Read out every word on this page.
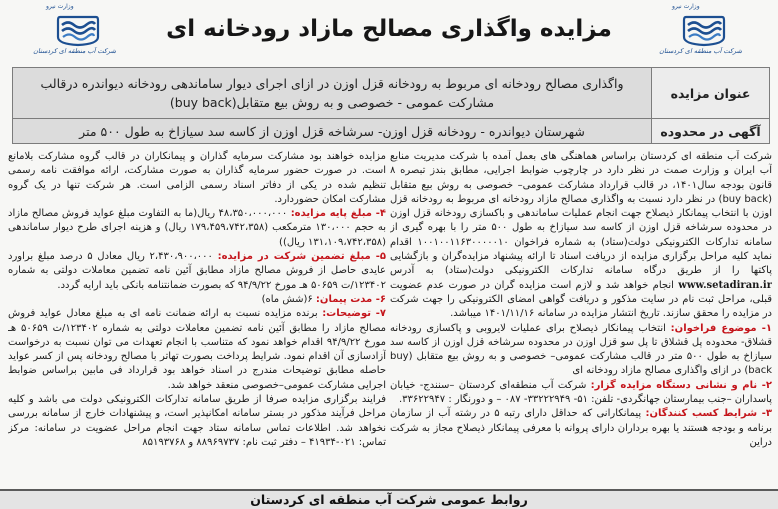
وزارت نیرو
شرکت آب منطقه ای کردستان
مزایده واگذاری مصالح مازاد رودخانه ای
وزارت نیرو
شرکت آب منطقه ای کردستان
عنوان مزایده
واگذاری مصالح رودخانه ای مربوط به رودخانه قزل اوزن در ازای اجرای دیوار ساماندهی رودخانه دیواندره درقالب مشارکت عمومی - خصوصی و به روش بیع متقابل(buy back)
آگهی در محدوده
شهرستان دیواندره - رودخانه قزل اوزن- سرشاخه قزل اوزن از کاسه سد سیازاخ به طول ۵۰۰ متر

شرکت آب منطقه ای کردستان براساس هماهنگی های بعمل آمده با شرکت مدیریت منابع آب ایران و وزارت صمت در نظر دارد در چارچوب ضوابط اجرایی، مطابق بندز تبصره ۸ قانون بودجه سال۱۴۰۱، در قالب قرارداد مشارکت عمومی– خصوصی به روش بیع متقابل (buy back) در نظر دارد نسبت به واگذاری مصالح مازاد رودخانه ای مربوط به رودخانه قزل اوزن با انتخاب پیمانکار ذیصلاح جهت انجام عملیات ساماندهی و باکسازی رودخانه قزل اوزن در محدوده سرشاخه قزل اوزن از کاسه سد سیازاخ به طول ۵۰۰ متر را با بهره گیری از سامانه تدارکات الکترونیکی دولت(ستاد) به شماره فراخوان ۱۰۰۱۰۰۱۱۶۳۰۰۰۰۰۱۰ اقدام نماید کلیه مراحل برگزاری مزایده از دریافت اسناد تا ارائه پیشنهاد مزایده‌گران و بازگشایی پاکتها را از طریق درگاه سامانه تدارکات الکترونیکی دولت(ستاد) به آدرس www.setadiran.ir انجام خواهد شد و لازم است مزایده گران در صورت عدم عضویت قبلی، مراحل ثبت نام در سایت مذکور و دریافت گواهی امضای الکترونیکی را جهت شرکت در مزایده را محقق سازند. تاریخ انتشار مزایده در سامانه ۱۴۰۱/۱۱/۱۶ میباشد.

۱- موضوع فراخوان: انتخاب پیمانکار ذیصلاح برای عملیات لایروبی و پاکسازی رودخانه قشلاق- محدوده پل قشلاق تا پل سو قزل اوزن در محدوده سرشاخه قزل اوزن از کاسه سد سیازاخ به طول ۵۰۰ متر در قالب مشارکت عمومی– خصوصی و به روش بیع متقابل (buy back) در ازای واگذاری مصالح مازاد رودخانه ای

۲- نام و نشانی دستگاه مزایده گزار: شرکت آب منطقه‌ای کردستان –سنندج- خیابان پاسداران –جنب بیمارستان جهانگردی- تلفن: ۵۱- ۳۳۲۲۲۹۴۹- ۰۸۷ – و دورنگار : ۳۳۶۲۲۹۴۷.

۳- شرایط کسب کنندگان: پیمانکارانی که حداقل دارای رتبه ۵ در رشته آب از سازمان برنامه و بودجه هستند یا بهره برداران دارای پروانه با معرفی پیمانکار ذیصلاح مجاز به شرکت دراین

مزایده خواهند بود مشارکت سرمایه گذاران و پیمانکاران در قالب گروه مشارکت بلامانع است. در صورت حضور سرمایه گذاران به صورت مشارکت، ارائه موافقت نامه رسمی تنظیم شده در یکی از دفاتر اسناد رسمی الزامی است. هر شرکت تنها در یک گروه مشارکت امکان حضوردارد.

۴- مبلغ پایه مزایده: ۴۸،۳۵۰،۰۰۰،۰۰۰ ریال(ما به التفاوت مبلغ عواید فروش مصالح مازاد به حجم ۱۳۰،۰۰۰ مترمکعب (۱۷۹،۴۵۹،۷۴۲،۳۵۸ ریال) و هزینه اجرای طرح دیوار ساماندهی (۱۳۱،۱۰۹،۷۴۲،۳۵۸ ریال))

۵- مبلغ تضمین شرکت در مزایده: ۲،۴۳۰،۹۰۰،۰۰۰ ریال معادل ۵ درصد مبلغ براورد عایدی حاصل از فروش مصالح مازاد مطابق آئین نامه تضمین معاملات دولتی به شماره ۱۲۳۴۰۲/ت ۵۰۶۵۹ هـ مورخ ۹۴/۹/۲۲ که بصورت ضمانتنامه بانکی باید ارایه گردد.

۶- مدت پیمان: ۶(شش ماه)

۷- توضیحات: برنده مزایده نسبت به ارائه ضمانت نامه ای به مبلغ معادل عواید فروش مصالح مازاد را مطابق آئین نامه تضمین معاملات دولتی به شماره ۱۲۳۴۰۲/ت ۵۰۶۵۹ هـ مورخ ۹۴/۹/۲۲ اقدام خواهد نمود که متناسب با انجام تعهدات می توان نسبت به درخواست آزادسازی آن اقدام نمود. شرایط پرداخت بصورت تهاتر با مصالح رودخانه پس از کسر عواید حاصله مطابق توضیحات مندرج در اسناد خواهد بود قرارداد فی مابین براساس ضوابط اجرایی مشارکت عمومی–خصوصی منعقد خواهد شد.

فرایند برگزاری مزایده صرفا از طریق سامانه تدارکات الکترونیکی دولت می باشد و کلیه مراحل فرآیند مذکور در بستر سامانه امکانپذیر است، و پیشنهادات خارج از سامانه بررسی نخواهد شد. اطلاعات تماس سامانه ستاد جهت انجام مراحل عضویت در سامانه: مرکز تماس: ۰۲۱-۴۱۹۳۴ – دفتر ثبت نام: ۸۸۹۶۹۷۳۷ و ۸۵۱۹۳۷۶۸

روابط عمومی شرکت آب منطقه ای کردستان
